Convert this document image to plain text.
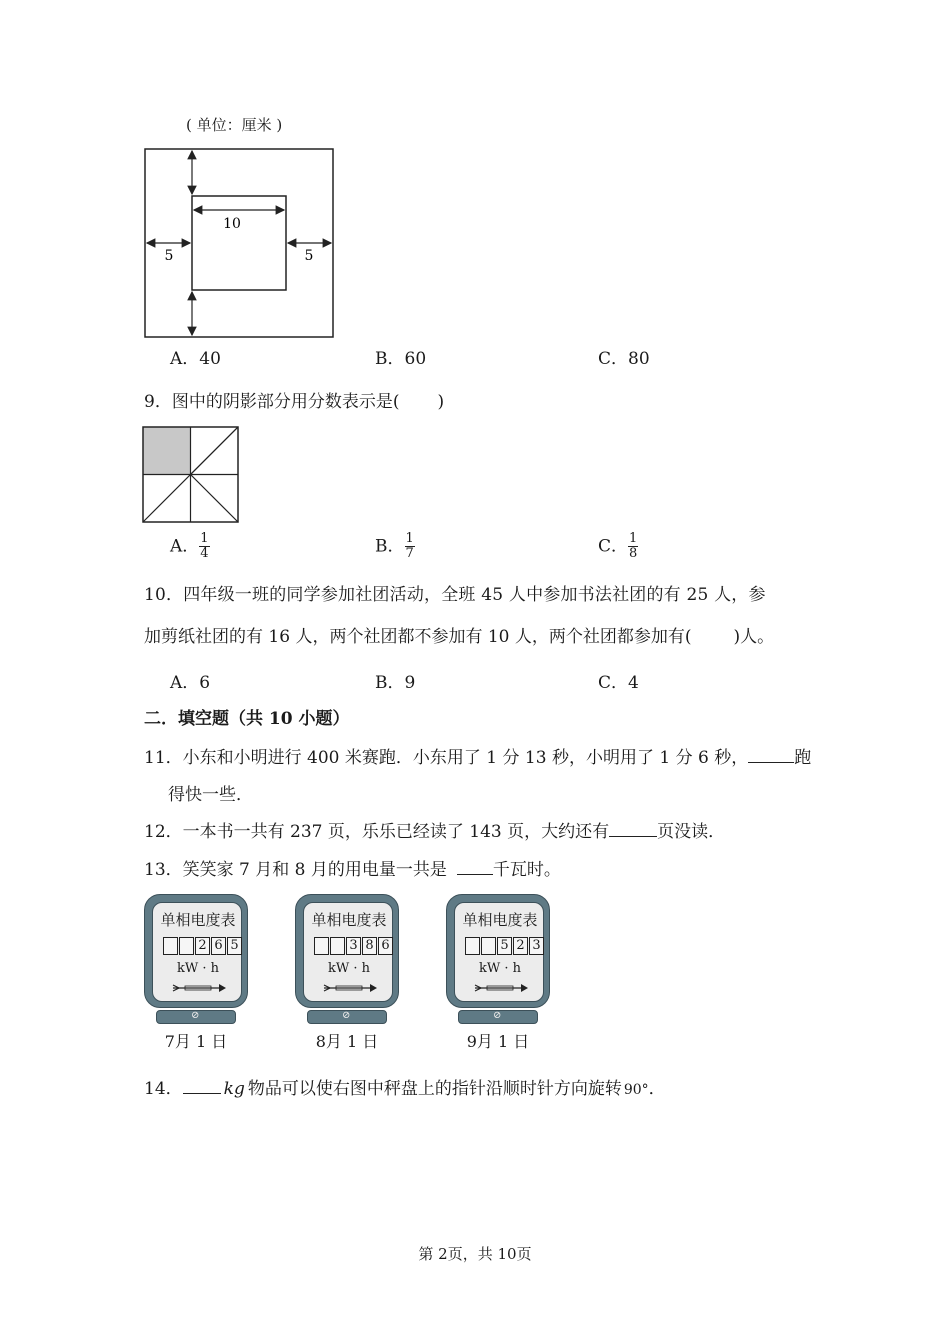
( 单位：厘米 )
10
5	5
A．40	B．60	C．80
9．图中的阴影部分用分数表示是( )
A． $\frac{1}{4}$	B． $\frac{1}{7}$	C． $\frac{1}{8}$
10．四年级一班的同学参加社团活动，全班 45 人中参加书法社团的有 25 人，参
加剪纸社团的有 16 人，两个社团都不参加有 10 人，两个社团都参加有( )人。
A．6	B．9	C．4
二．填空题（共 10 小题）
11．小东和小明进行 400 米赛跑．小东用了 1 分 13 秒，小明用了 1 分 6 秒，	跑
得快一些．
12．一本书一共有 237 页，乐乐已经读了 143 页，大约还有	页没读．
13．笑笑家 7 月和 8 月的用电量一共是	千瓦时。
单相电度表
2 6 5
kW · h
⊘
7月 1 日
单相电度表
3 8 6
kW · h
⊘
8月 1 日
单相电度表
5 2 3
kW · h
⊘
9月 1 日
14． kg 物品可以使右图中秤盘上的指针沿顺时针方向旋转 90°．
第 2页，共 10页
